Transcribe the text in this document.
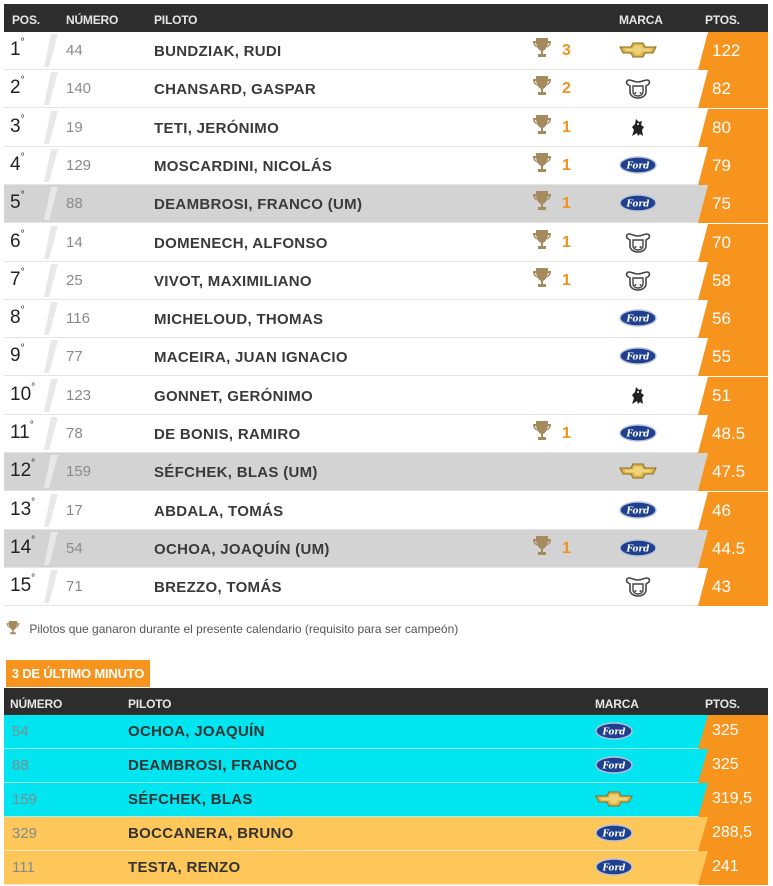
POS. NÚMERO	PILOTO	MARCA	PTOS.
1°	44	BUNDZIAK, RUDI	3	122
2°	140	CHANSARD, GASPAR	2	82
3°	19	TETI, JERÓNIMO	1	80
4°	129	MOSCARDINI, NICOLÁS	1	Ford	79
5°	88	DEAMBROSI, FRANCO (UM)	1	Ford	75
6°	14	DOMENECH, ALFONSO	1	70
7°	25	VIVOT, MAXIMILIANO	1	58
8°	116	MICHELOUD, THOMAS	Ford	56
9°	77	MACEIRA, JUAN IGNACIO	Ford	55
10° 123	GONNET, GERÓNIMO	51
11° 78	DE BONIS, RAMIRO	1	Ford	48.5
12° 159	SÉFCHEK, BLAS (UM)	47.5
13° 17	ABDALA, TOMÁS	Ford	46
14° 54	OCHOA, JOAQUÍN (UM)	1	Ford	44.5
15° 71	BREZZO, TOMÁS	43
Pilotos que ganaron durante el presente calendario (requisito para ser campeón)
3 DE ÚLTIMO MINUTO
NÚMERO	PILOTO	MARCA	PTOS.
54	OCHOA, JOAQUÍN	Ford	325
88	DEAMBROSI, FRANCO	Ford	325
159	SÉFCHEK, BLAS	319,5
329	BOCCANERA, BRUNO	Ford	288,5
111	TESTA, RENZO	Ford	241
